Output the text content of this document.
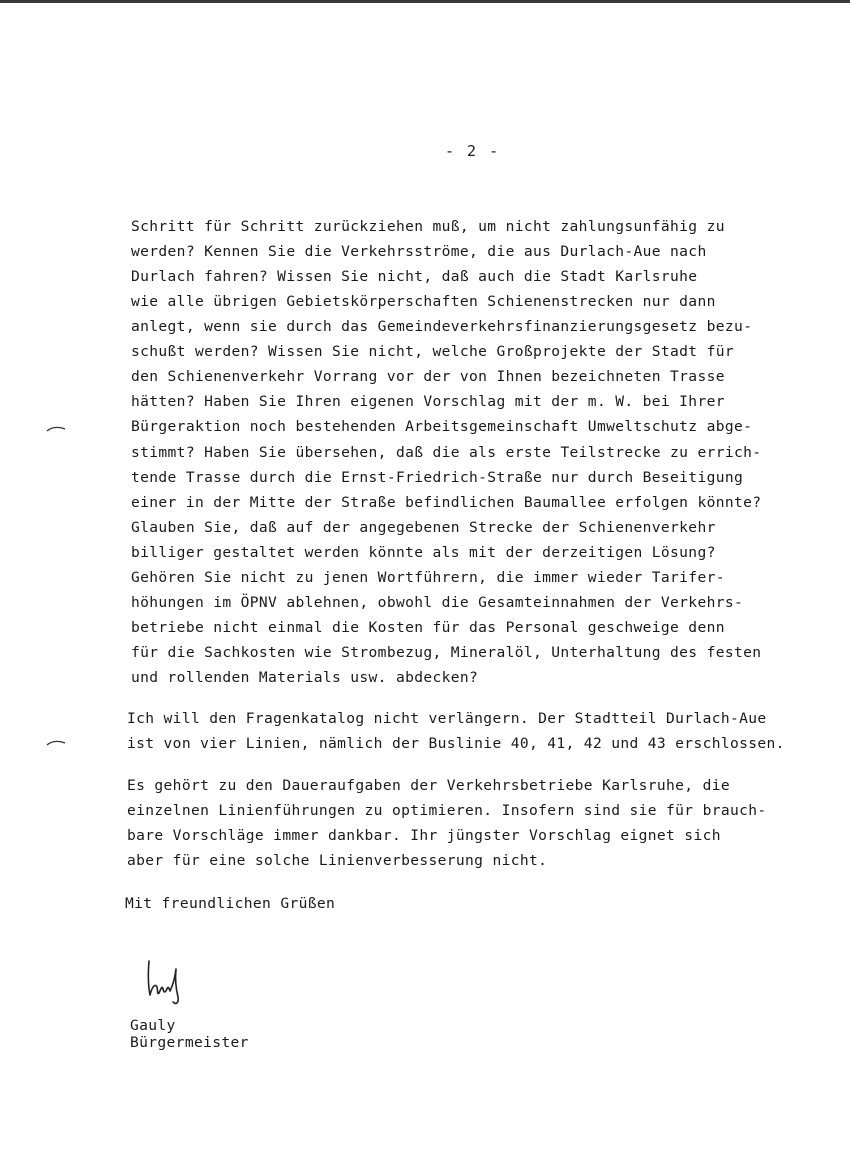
- 2 -
Schritt für Schritt zurückziehen muß, um nicht zahlungsunfähig zu
werden? Kennen Sie die Verkehrsströme, die aus Durlach-Aue nach
Durlach fahren? Wissen Sie nicht, daß auch die Stadt Karlsruhe
wie alle übrigen Gebietskörperschaften Schienenstrecken nur dann
anlegt, wenn sie durch das Gemeindeverkehrsfinanzierungsgesetz bezu-
schußt werden? Wissen Sie nicht, welche Großprojekte der Stadt für
den Schienenverkehr Vorrang vor der von Ihnen bezeichneten Trasse
hätten? Haben Sie Ihren eigenen Vorschlag mit der m. W. bei Ihrer
Bürgeraktion noch bestehenden Arbeitsgemeinschaft Umweltschutz abge-
stimmt? Haben Sie übersehen, daß die als erste Teilstrecke zu errich-
tende Trasse durch die Ernst-Friedrich-Straße nur durch Beseitigung
einer in der Mitte der Straße befindlichen Baumallee erfolgen könnte?
Glauben Sie, daß auf der angegebenen Strecke der Schienenverkehr
billiger gestaltet werden könnte als mit der derzeitigen Lösung?
Gehören Sie nicht zu jenen Wortführern, die immer wieder Tarifer-
höhungen im ÖPNV ablehnen, obwohl die Gesamteinnahmen der Verkehrs-
betriebe nicht einmal die Kosten für das Personal geschweige denn
für die Sachkosten wie Strombezug, Mineralöl, Unterhaltung des festen
und rollenden Materials usw. abdecken?
Ich will den Fragenkatalog nicht verlängern. Der Stadtteil Durlach-Aue
ist von vier Linien, nämlich der Buslinie 40, 41, 42 und 43 erschlossen.
Es gehört zu den Daueraufgaben der Verkehrsbetriebe Karlsruhe, die
einzelnen Linienführungen zu optimieren. Insofern sind sie für brauch-
bare Vorschläge immer dankbar. Ihr jüngster Vorschlag eignet sich
aber für eine solche Linienverbesserung nicht.
Mit freundlichen Grüßen
Gauly
Bürgermeister
